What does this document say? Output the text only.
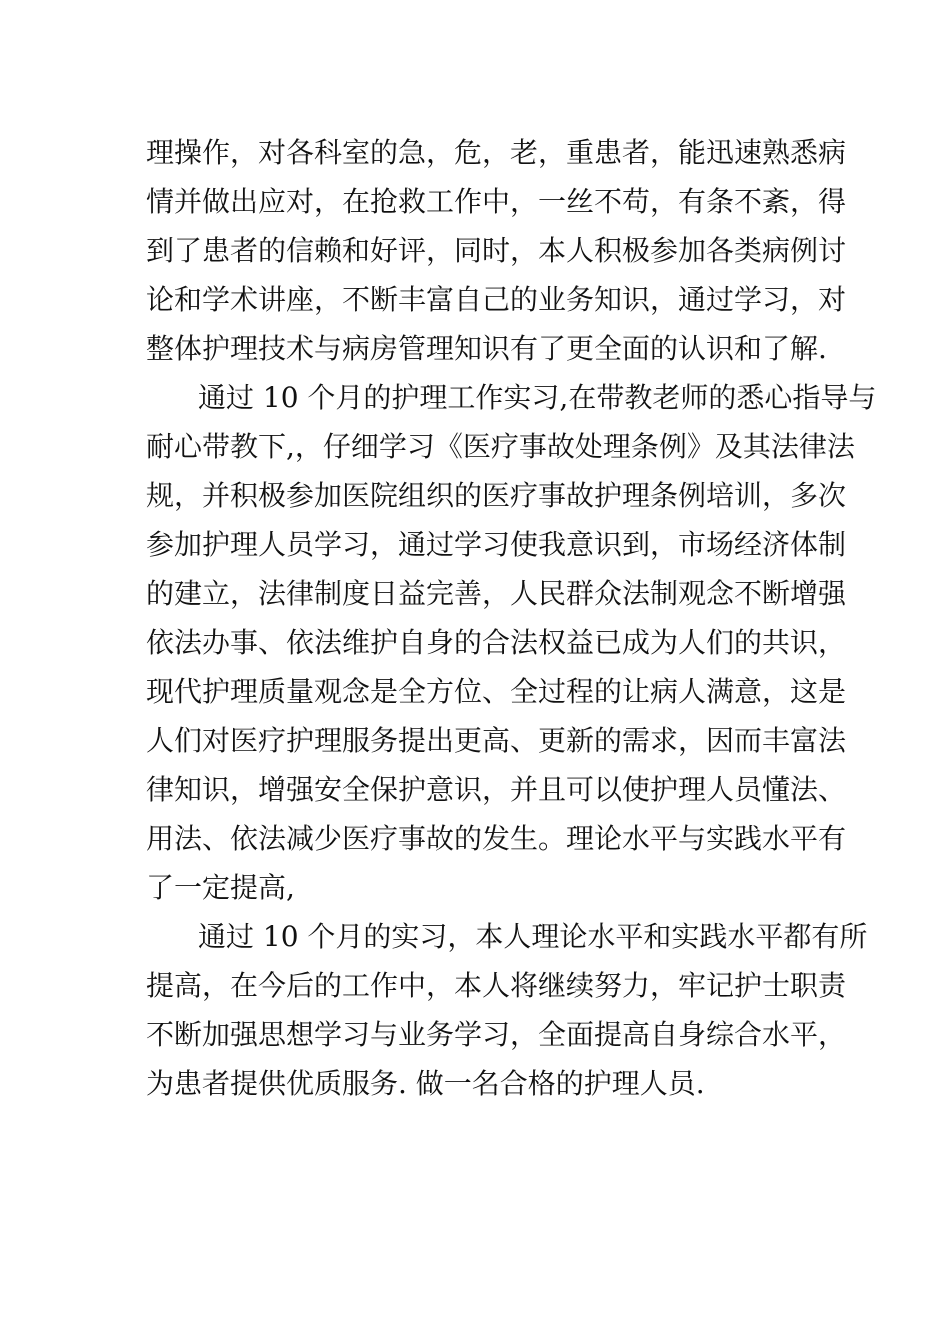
理操作，对各科室的急，危，老，重患者，能迅速熟悉病
情并做出应对，在抢救工作中，一丝不苟，有条不紊，得
到了患者的信赖和好评，同时，本人积极参加各类病例讨
论和学术讲座，不断丰富自己的业务知识，通过学习，对
整体护理技术与病房管理知识有了更全面的认识和了解.
通过 10 个月的护理工作实习,在带教老师的悉心指导与
耐心带教下,，仔细学习《医疗事故处理条例》及其法律法
规，并积极参加医院组织的医疗事故护理条例培训，多次
参加护理人员学习，通过学习使我意识到，市场经济体制
的建立，法律制度日益完善，人民群众法制观念不断增强
依法办事、依法维护自身的合法权益已成为人们的共识，
现代护理质量观念是全方位、全过程的让病人满意，这是
人们对医疗护理服务提出更高、更新的需求，因而丰富法
律知识，增强安全保护意识，并且可以使护理人员懂法、
用法、依法减少医疗事故的发生。理论水平与实践水平有
了一定提高,
通过 10 个月的实习，本人理论水平和实践水平都有所
提高，在今后的工作中，本人将继续努力，牢记护士职责
不断加强思想学习与业务学习，全面提高自身综合水平，
为患者提供优质服务. 做一名合格的护理人员.
